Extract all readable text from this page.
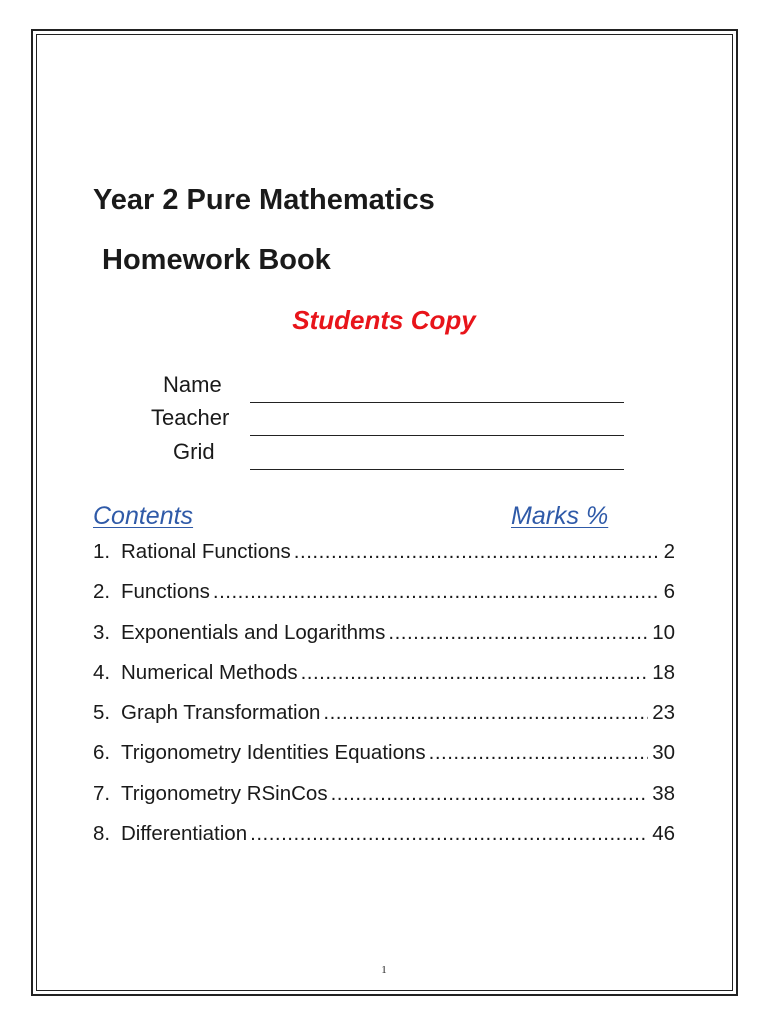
Year 2 Pure Mathematics
Homework Book
Students Copy
Name
Teacher
Grid
Contents	Marks %
1. Rational Functions .....	2
2. Functions .....	6
3. Exponentials and Logarithms .....	10
4. Numerical Methods .....	18
5. Graph Transformation .....	23
6. Trigonometry Identities Equations .....	30
7. Trigonometry RSinCos .....	38
8. Differentiation .....	46
1
